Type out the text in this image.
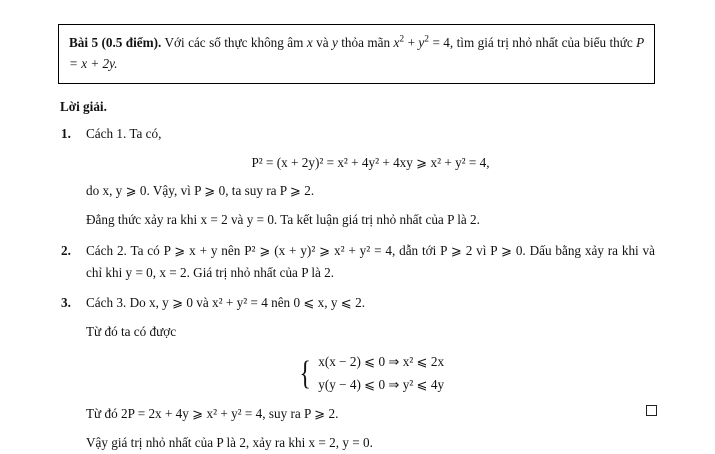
Bài 5 (0.5 điểm). Với các số thực không âm x và y thỏa mãn $x^2 + y^2 = 4$, tìm giá trị nhỏ nhất của biểu thức P = x + 2y.
Lời giải.
1. Cách 1. Ta có,
P² = (x + 2y)² = x² + 4y² + 4xy ⩾ x² + y² = 4,
do x, y ⩾ 0. Vậy, vì P ⩾ 0, ta suy ra P ⩾ 2.
Đẳng thức xảy ra khi x = 2 và y = 0. Ta kết luận giá trị nhỏ nhất của P là 2.
2. Cách 2. Ta có P ⩾ x + y nên P² ⩾ (x + y)² ⩾ x² + y² = 4, dẫn tới P ⩾ 2 vì P ⩾ 0. Dấu bằng xảy ra khi và chỉ khi y = 0, x = 2. Giá trị nhỏ nhất của P là 2.
3. Cách 3. Do x, y ⩾ 0 và x² + y² = 4 nên 0 ⩽ x, y ⩽ 2.
Từ đó ta có được
{ x(x − 2) ⩽ 0 ⇒ x² ⩽ 2x
y(y − 4) ⩽ 0 ⇒ y² ⩽ 4y
Từ đó 2P = 2x + 4y ⩾ x² + y² = 4, suy ra P ⩾ 2.
Vậy giá trị nhỏ nhất của P là 2, xảy ra khi x = 2, y = 0.
